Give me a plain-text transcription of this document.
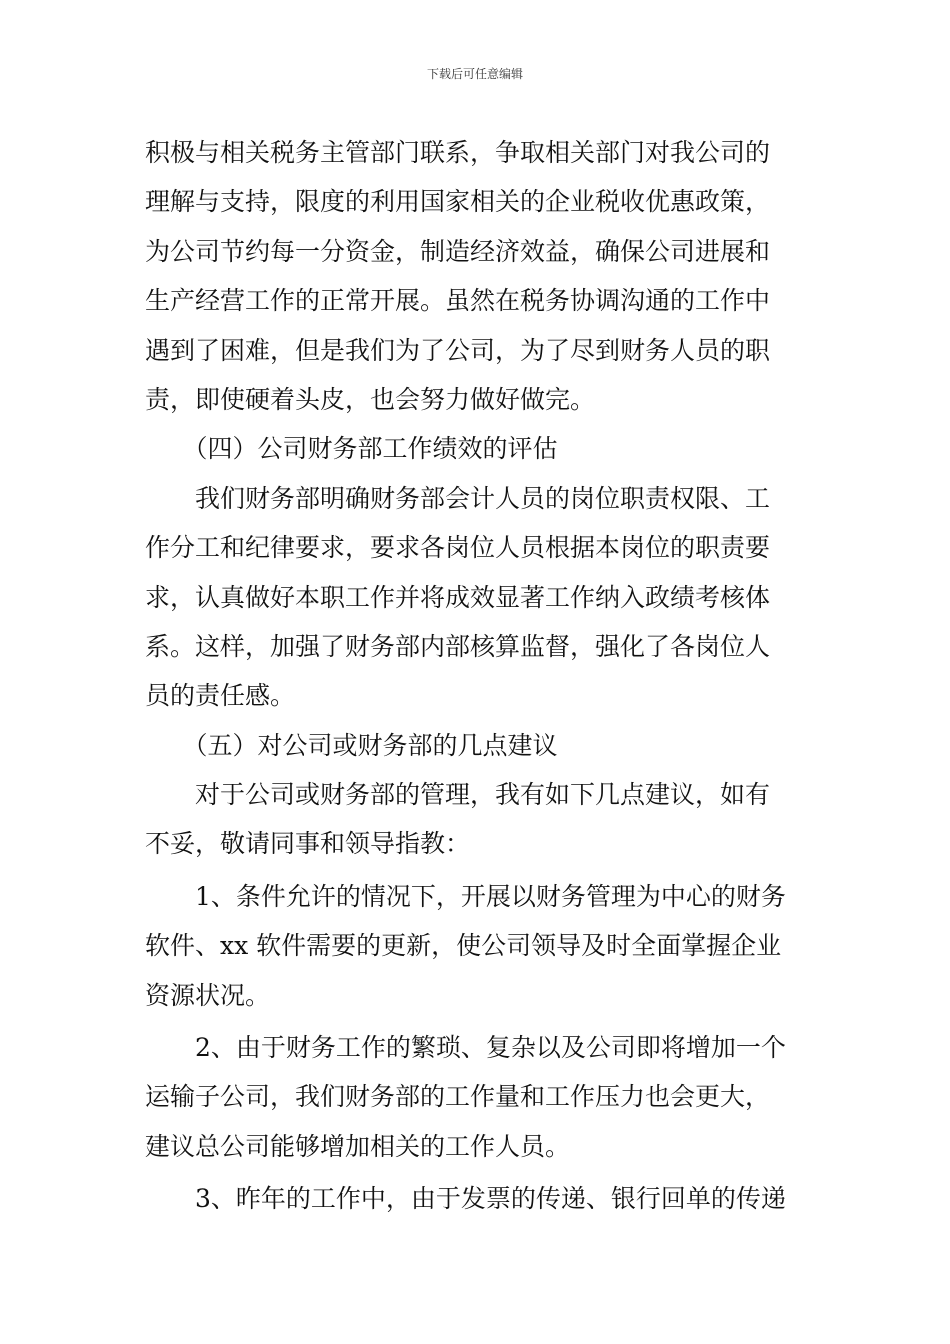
下载后可任意编辑
积极与相关税务主管部门联系，争取相关部门对我公司的
理解与支持，限度的利用国家相关的企业税收优惠政策，
为公司节约每一分资金，制造经济效益，确保公司进展和
生产经营工作的正常开展。虽然在税务协调沟通的工作中
遇到了困难，但是我们为了公司，为了尽到财务人员的职
责，即使硬着头皮，也会努力做好做完。
　　（四）公司财务部工作绩效的评估
　　我们财务部明确财务部会计人员的岗位职责权限、工
作分工和纪律要求，要求各岗位人员根据本岗位的职责要
求，认真做好本职工作并将成效显著工作纳入政绩考核体
系。这样，加强了财务部内部核算监督，强化了各岗位人
员的责任感。
　　（五）对公司或财务部的几点建议
　　对于公司或财务部的管理，我有如下几点建议，如有
不妥，敬请同事和领导指教：
　　1、条件允许的情况下，开展以财务管理为中心的财务
软件、xx 软件需要的更新，使公司领导及时全面掌握企业
资源状况。
　　2、由于财务工作的繁琐、复杂以及公司即将增加一个
运输子公司，我们财务部的工作量和工作压力也会更大，
建议总公司能够增加相关的工作人员。
　　3、昨年的工作中，由于发票的传递、银行回单的传递
